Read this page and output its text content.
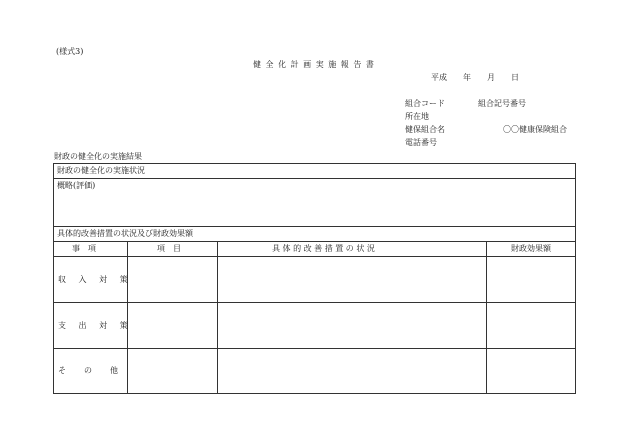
(様式3)
健 全 化 計 画 実 施 報 告 書
平成 年 月 日
組合コード	組合記号番号
所在地
健保組合名	〇〇健康保険組合
電話番号
財政の健全化の実施結果
財政の健全化の実施状況
概略(評価)
具体的改善措置の状況及び財政効果額
事　項	項　目	具 体 的 改 善 措 置 の 状 況	財政効果額
収 入 対 策
支 出 対 策
そ　の　他
